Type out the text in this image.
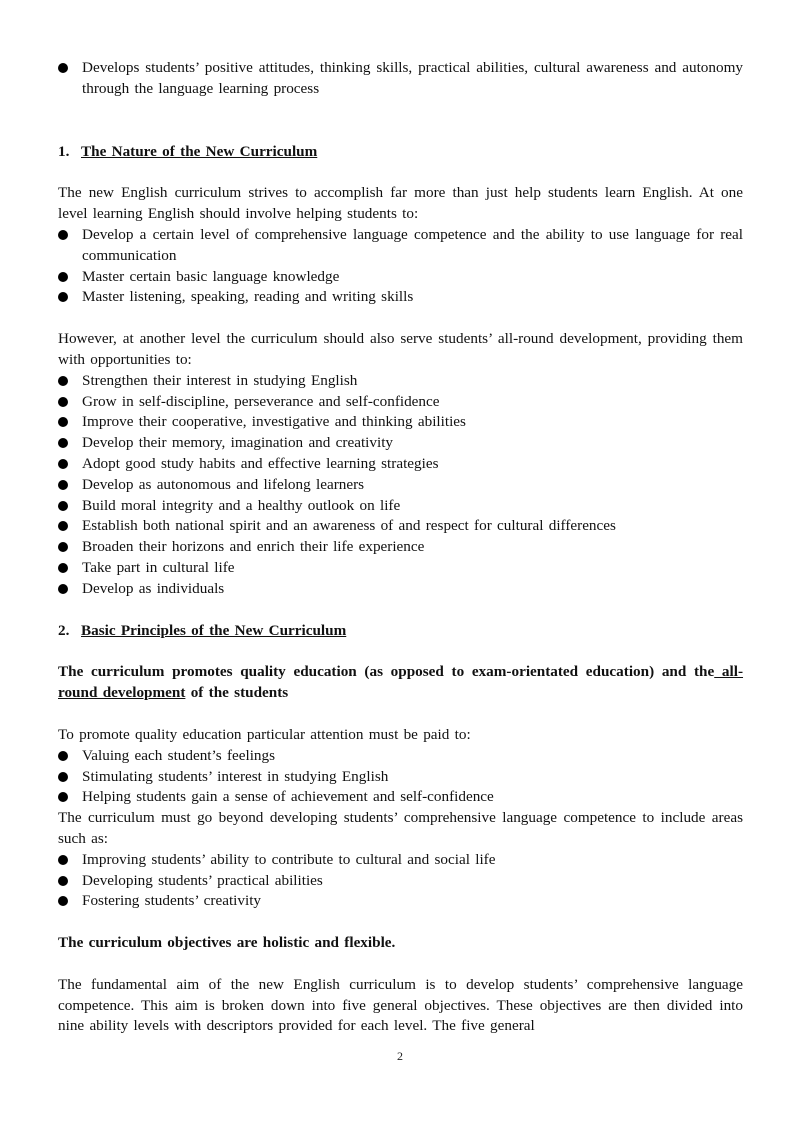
Develops students’ positive attitudes, thinking skills, practical abilities, cultural awareness and autonomy through the language learning process

1. The Nature of the New Curriculum

The new English curriculum strives to accomplish far more than just help students learn English. At one level learning English should involve helping students to:

Develop a certain level of comprehensive language competence and the ability to use language for real communication
Master certain basic language knowledge
Master listening, speaking, reading and writing skills

However, at another level the curriculum should also serve students’ all-round development, providing them with opportunities to:

Strengthen their interest in studying English
Grow in self-discipline, perseverance and self-confidence
Improve their cooperative, investigative and thinking abilities
Develop their memory, imagination and creativity
Adopt good study habits and effective learning strategies
Develop as autonomous and lifelong learners
Build moral integrity and a healthy outlook on life
Establish both national spirit and an awareness of and respect for cultural differences
Broaden their horizons and enrich their life experience
Take part in cultural life
Develop as individuals

2. Basic Principles of the New Curriculum

The curriculum promotes quality education (as opposed to exam-orientated education) and the all-round development of the students

To promote quality education particular attention must be paid to:

Valuing each student’s feelings
Stimulating students’ interest in studying English
Helping students gain a sense of achievement and self-confidence

The curriculum must go beyond developing students’ comprehensive language competence to include areas such as:

Improving students’ ability to contribute to cultural and social life
Developing students’ practical abilities
Fostering students’ creativity

The curriculum objectives are holistic and flexible.

The fundamental aim of the new English curriculum is to develop students’ comprehensive language competence. This aim is broken down into five general objectives. These objectives are then divided into nine ability levels with descriptors provided for each level. The five general

2
